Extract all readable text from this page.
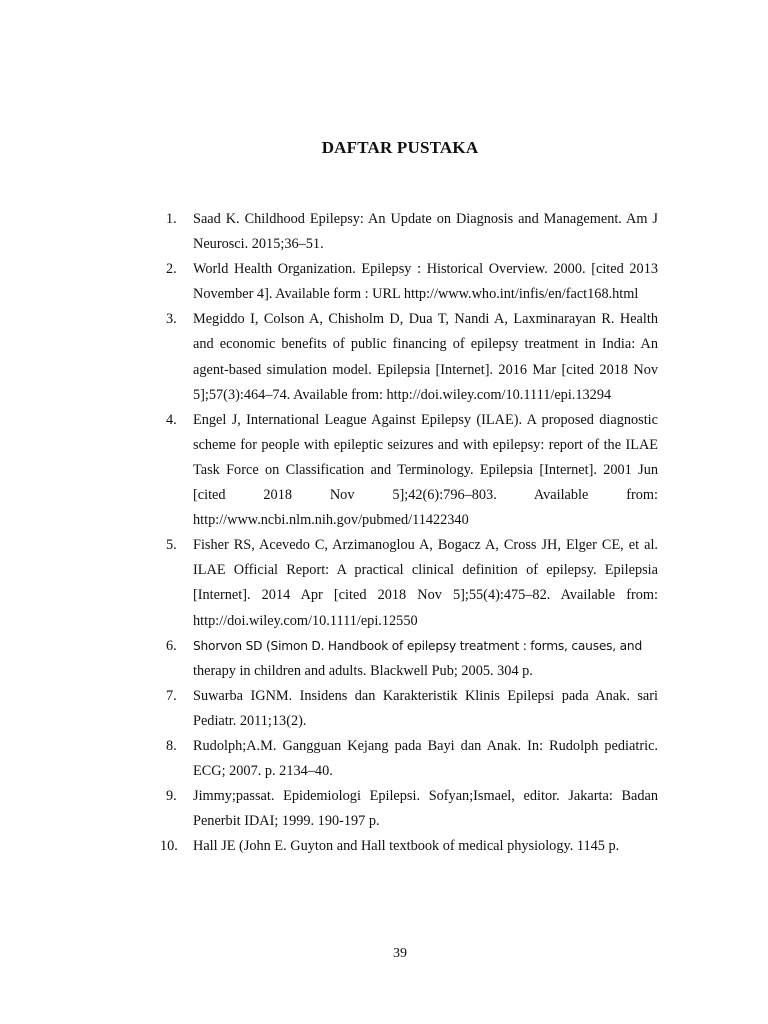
DAFTAR PUSTAKA
1. Saad K. Childhood Epilepsy: An Update on Diagnosis and Management. Am J Neurosci. 2015;36–51.
2. World Health Organization. Epilepsy : Historical Overview. 2000. [cited 2013 November 4]. Available form : URL http://www.who.int/infis/en/fact168.html
3. Megiddo I, Colson A, Chisholm D, Dua T, Nandi A, Laxminarayan R. Health and economic benefits of public financing of epilepsy treatment in India: An agent-based simulation model. Epilepsia [Internet]. 2016 Mar [cited 2018 Nov 5];57(3):464–74. Available from: http://doi.wiley.com/10.1111/epi.13294
4. Engel J, International League Against Epilepsy (ILAE). A proposed diagnostic scheme for people with epileptic seizures and with epilepsy: report of the ILAE Task Force on Classification and Terminology. Epilepsia [Internet]. 2001 Jun [cited 2018 Nov 5];42(6):796–803. Available from: http://www.ncbi.nlm.nih.gov/pubmed/11422340
5. Fisher RS, Acevedo C, Arzimanoglou A, Bogacz A, Cross JH, Elger CE, et al. ILAE Official Report: A practical clinical definition of epilepsy. Epilepsia [Internet]. 2014 Apr [cited 2018 Nov 5];55(4):475–82. Available from: http://doi.wiley.com/10.1111/epi.12550
6. Shorvon SD (Simon D. Handbook of epilepsy treatment : forms, causes, and
therapy in children and adults. Blackwell Pub; 2005. 304 p.
7. Suwarba IGNM. Insidens dan Karakteristik Klinis Epilepsi pada Anak. sari Pediatr. 2011;13(2).
8. Rudolph;A.M. Gangguan Kejang pada Bayi dan Anak. In: Rudolph pediatric. ECG; 2007. p. 2134–40.
9. Jimmy;passat. Epidemiologi Epilepsi. Sofyan;Ismael, editor. Jakarta: Badan Penerbit IDAI; 1999. 190-197 p.
10. Hall JE (John E. Guyton and Hall textbook of medical physiology. 1145 p.
39
